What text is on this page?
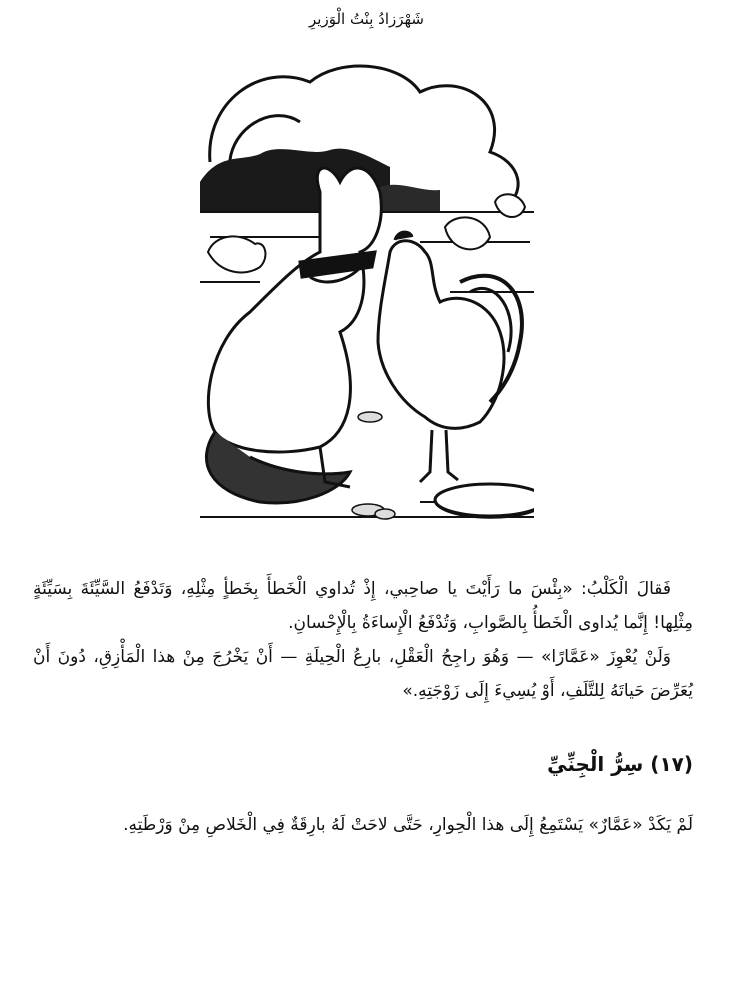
شَهْرَزادُ بِنْتُ الْوَزيرِ

فَقالَ الْكَلْبُ: «بِئْسَ ما رَأَيْتَ يا صاحِبي، إِذْ تُداوي الْخَطأَ بِخَطأٍ مِثْلِهِ، وَتَدْفَعُ السَّيِّئَةَ بِسَيِّئَةٍ مِثْلِها! إِنَّما يُداوى الْخَطأُ بِالصَّوابِ، وَتُدْفَعُ الْإِساءَةُ بِالْإِحْسانِ.

وَلَنْ يُعْوِزَ «عَمَّارًا» — وَهُوَ راجِحُ الْعَقْلِ، بارِعُ الْحِيلَةِ — أَنْ يَخْرُجَ مِنْ هذا الْمَأْزِقِ، دُونَ أَنْ يُعَرِّضَ حَياتَهُ لِلتَّلَفِ، أَوْ يُسِيءَ إِلَى زَوْجَتِهِ.»

(١٧) سِرُّ الْجِنِّيِّ

لَمْ يَكَدْ «عَمَّارٌ» يَسْتَمِعُ إِلَى هذا الْحِوارِ، حَتَّى لاحَتْ لَهُ بارِقَةٌ فِي الْخَلاصِ مِنْ وَرْطَتِهِ.
